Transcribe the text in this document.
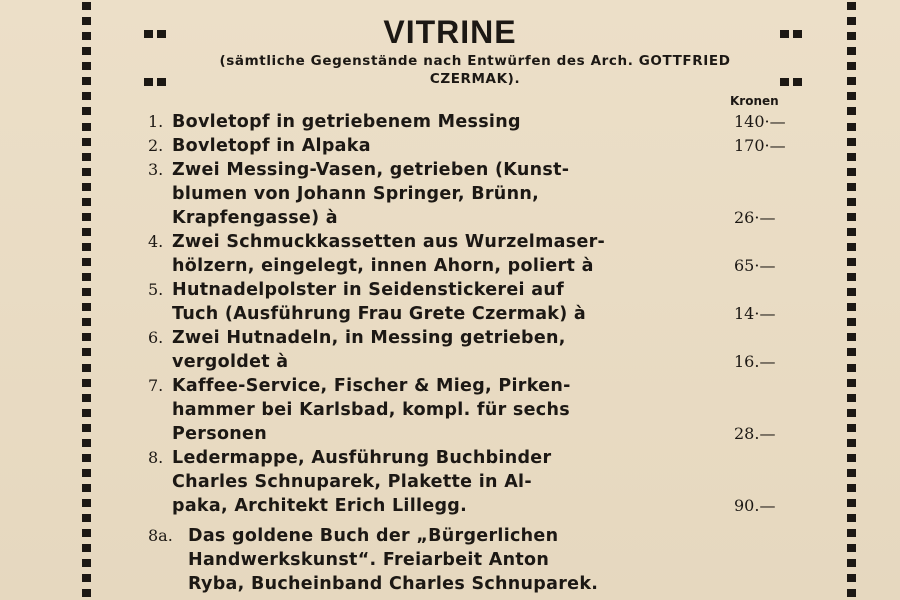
VITRINE
(sämtliche Gegenstände nach Entwürfen des Arch. GOTTFRIED
CZERMAK).
Kronen
1. Bovletopf in getriebenem Messing	140·—
2. Bovletopf in Alpaka	170·—
3. Zwei Messing-Vasen, getrieben (Kunst-
blumen von Johann Springer, Brünn,
Krapfengasse) à	26·—
4. Zwei Schmuckkassetten aus Wurzelmaser-
hölzern, eingelegt, innen Ahorn, poliert à	65·—
5. Hutnadelpolster in Seidenstickerei auf
Tuch (Ausführung Frau Grete Czermak) à	14·—
6. Zwei Hutnadeln, in Messing getrieben,
vergoldet à	16.—
7. Kaffee-Service, Fischer & Mieg, Pirken-
hammer bei Karlsbad, kompl. für sechs
Personen	28.—
8. Ledermappe, Ausführung Buchbinder
Charles Schnuparek, Plakette in Al-
paka, Architekt Erich Lillegg.	90.—
8a. Das goldene Buch der „Bürgerlichen
Handwerkskunst“. Freiarbeit Anton
Ryba, Bucheinband Charles Schnuparek.
